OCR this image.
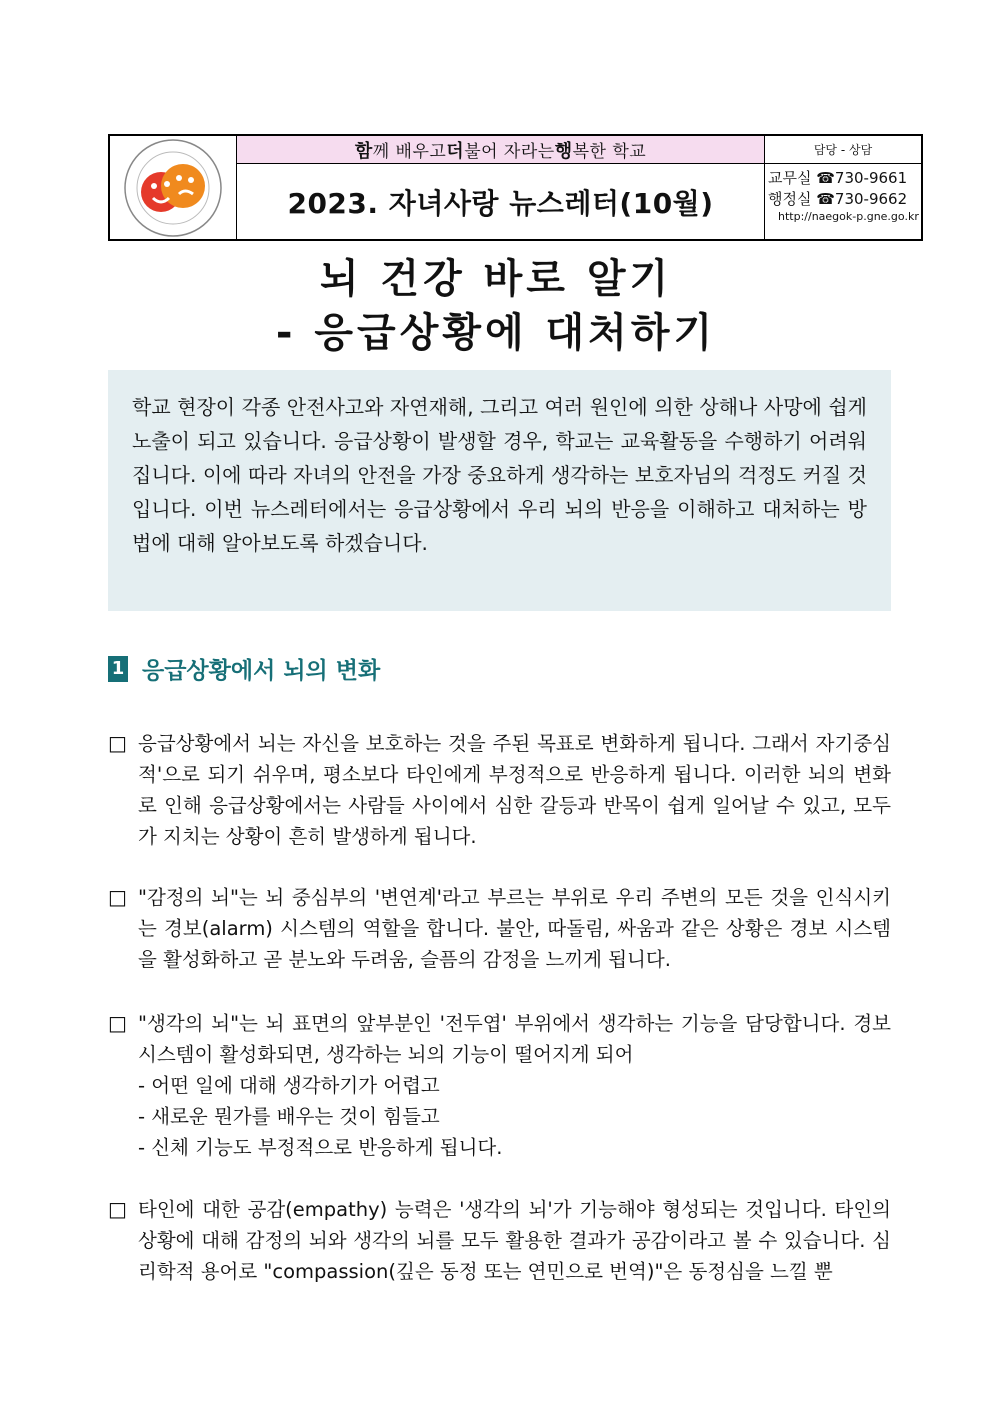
함 께 배우고 더 불어 자라는 행 복한 학교
2023. 자녀사랑 뉴스레터(10월)
담당 - 상담
교무실 ☎730-9661
행정실 ☎730-9662
http://naegok-p.gne.go.kr
뇌 건강 바로 알기
- 응급상황에 대처하기
학교 현장이 각종 안전사고와 자연재해, 그리고 여러 원인에 의한 상해나 사망에 쉽게 노출이 되고 있습니다. 응급상황이 발생할 경우, 학교는 교육활동을 수행하기 어려워집니다. 이에 따라 자녀의 안전을 가장 중요하게 생각하는 보호자님의 걱정도 커질 것입니다. 이번 뉴스레터에서는 응급상황에서 우리 뇌의 반응을 이해하고 대처하는 방법에 대해 알아보도록 하겠습니다.
1 응급상황에서 뇌의 변화
□ 응급상황에서 뇌는 자신을 보호하는 것을 주된 목표로 변화하게 됩니다. 그래서 자기중심적'으로 되기 쉬우며, 평소보다 타인에게 부정적으로 반응하게 됩니다. 이러한 뇌의 변화로 인해 응급상황에서는 사람들 사이에서 심한 갈등과 반목이 쉽게 일어날 수 있고, 모두가 지치는 상황이 흔히 발생하게 됩니다.
□ "감정의 뇌"는 뇌 중심부의 '변연계'라고 부르는 부위로 우리 주변의 모든 것을 인식시키는 경보(alarm) 시스템의 역할을 합니다. 불안, 따돌림, 싸움과 같은 상황은 경보 시스템을 활성화하고 곧 분노와 두려움, 슬픔의 감정을 느끼게 됩니다.
□ "생각의 뇌"는 뇌 표면의 앞부분인 '전두엽' 부위에서 생각하는 기능을 담당합니다. 경보 시스템이 활성화되면, 생각하는 뇌의 기능이 떨어지게 되어
- 어떤 일에 대해 생각하기가 어렵고
- 새로운 뭔가를 배우는 것이 힘들고
- 신체 기능도 부정적으로 반응하게 됩니다.
□ 타인에 대한 공감(empathy) 능력은 '생각의 뇌'가 기능해야 형성되는 것입니다. 타인의 상황에 대해 감정의 뇌와 생각의 뇌를 모두 활용한 결과가 공감이라고 볼 수 있습니다. 심리학적 용어로 "compassion(깊은 동정 또는 연민으로 번역)"은 동정심을 느낄 뿐
